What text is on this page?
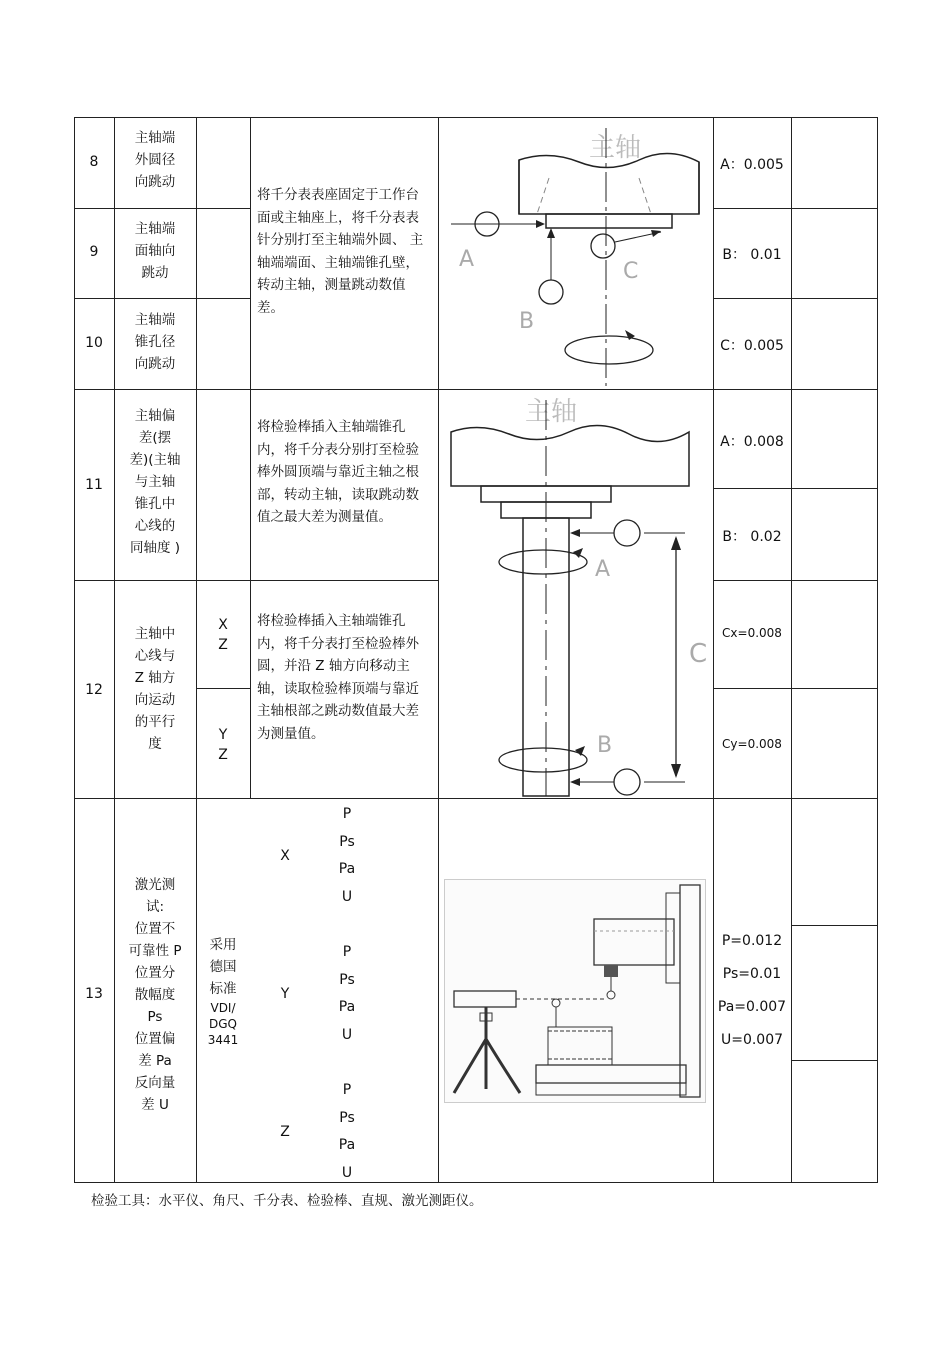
8
主轴端
外圆径
向跳动
A：0.005
9
主轴端
面轴向
跳动
B： 0.01
10
主轴端
锥孔径
向跳动
C：0.005
将千分表表座固定于工作台面或主轴座上，将千分表表针分别打至主轴端外圆、 主轴端端面、主轴端锥孔壁，转动主轴，测量跳动数值差。
主轴
A	C
B
11
主轴偏
差(摆
差)(主轴
与主轴
锥孔中
心线的
同轴度 )
将检验棒插入主轴端锥孔内，将千分表分别打至检验棒外圆顶端与靠近主轴之根部，转动主轴，读取跳动数值之最大差为测量值。
A：0.008
B： 0.02
12
主轴中
心线与
Z 轴方
向运动
的平行
度
X
Z
Y
Z
将检验棒插入主轴端锥孔内，将千分表打至检验棒外圆，并沿 Z 轴方向移动主轴，读取检验棒顶端与靠近主轴根部之跳动数值最大差为测量值。
Cx=0.008
Cy=0.008
主轴
A
C
B
13
激光测
试:
位置不
可靠性 P
位置分
散幅度
Ps
位置偏
差 Pa
反向量
差 U
采用
德国
标准
VDI/
DGQ
3441
X
P
Ps
Pa
U
Y
P
Ps
Pa
U
Z
P
Ps
Pa
U
P=0.012
Ps=0.01
Pa=0.007
U=0.007
检验工具：水平仪、角尺、千分表、检验棒、直规、激光测距仪。
